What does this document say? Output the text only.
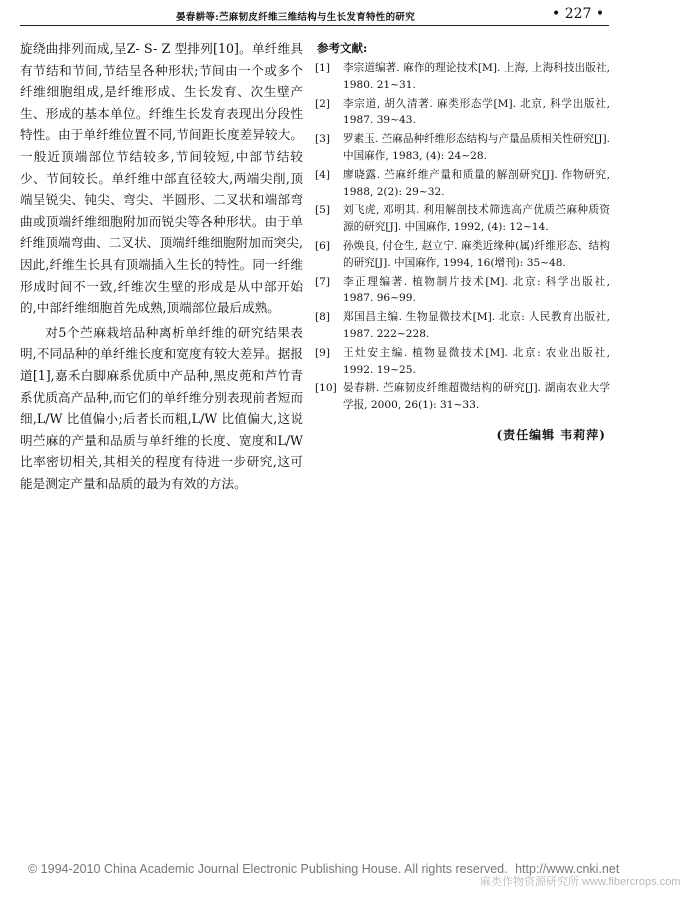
晏春耕等:苎麻韧皮纤维三维结构与生长发育特性的研究	• 227 •

旋绕曲排列而成,呈Z- S- Z 型排列[10]。单纤维具有节结和节间,节结呈各种形状;节间由一个或多个纤维细胞组成,是纤维形成、生长发育、次生壁产生、形成的基本单位。纤维生长发育表现出分段性特性。由于单纤维位置不同,节间距长度差异较大。一般近顶端部位节结较多,节间较短,中部节结较少、节间较长。单纤维中部直径较大,两端尖削,顶端呈锐尖、钝尖、弯尖、半圆形、二叉状和端部弯曲或顶端纤维细胞附加而锐尖等各种形状。由于单纤维顶端弯曲、二叉状、顶端纤维细胞附加而突尖,因此,纤维生长具有顶端插入生长的特性。同一纤维形成时间不一致,纤维次生壁的形成是从中部开始的,中部纤维细胞首先成熟,顶端部位最后成熟。

对5个苎麻栽培品种离析单纤维的研究结果表明,不同品种的单纤维长度和宽度有较大差异。据报道[1],嘉禾白脚麻系优质中产品种,黑皮蔸和芦竹青系优质高产品种,而它们的单纤维分别表现前者短而细,L/W 比值偏小;后者长而粗,L/W 比值偏大,这说明苎麻的产量和品质与单纤维的长度、宽度和L/W 比率密切相关,其相关的程度有待进一步研究,这可能是测定产量和品质的最为有效的方法。

参考文献:
[1] 李宗道编著. 麻作的理论技术[M]. 上海, 上海科技出版社, 1980. 21~31.
[2] 李宗道, 胡久清著. 麻类形态学[M]. 北京, 科学出版社, 1987. 39~43.
[3] 罗素玉. 苎麻品种纤维形态结构与产量品质相关性研究[J]. 中国麻作, 1983, (4): 24~28.
[4] 廖晓露. 苎麻纤维产量和质量的解剖研究[J]. 作物研究, 1988, 2(2): 29~32.
[5] 刘飞虎, 邓明其. 利用解剖技术筛选高产优质苎麻种质资源的研究[J]. 中国麻作, 1992, (4): 12~14.
[6] 孙焕良, 付仓生, 赵立宁. 麻类近缘种(属)纤维形态、结构的研究[J]. 中国麻作, 1994, 16(增刊): 35~48.
[7] 李正理编著. 植物制片技术[M]. 北京: 科学出版社, 1987. 96~99.
[8] 郑国昌主编. 生物显微技术[M]. 北京: 人民教育出版社, 1987. 222~228.
[9] 王灶安主编. 植物显微技术[M]. 北京: 农业出版社, 1992. 19~25.
[10] 晏春耕. 苎麻韧皮纤维超微结构的研究[J]. 湖南农业大学学报, 2000, 26(1): 31~33.
(责任编辑 韦莉萍)
© 1994-2010 China Academic Journal Electronic Publishing House. All rights reserved. http://www.cnki.net
麻类作物资源研究所 www.fibercrops.com
